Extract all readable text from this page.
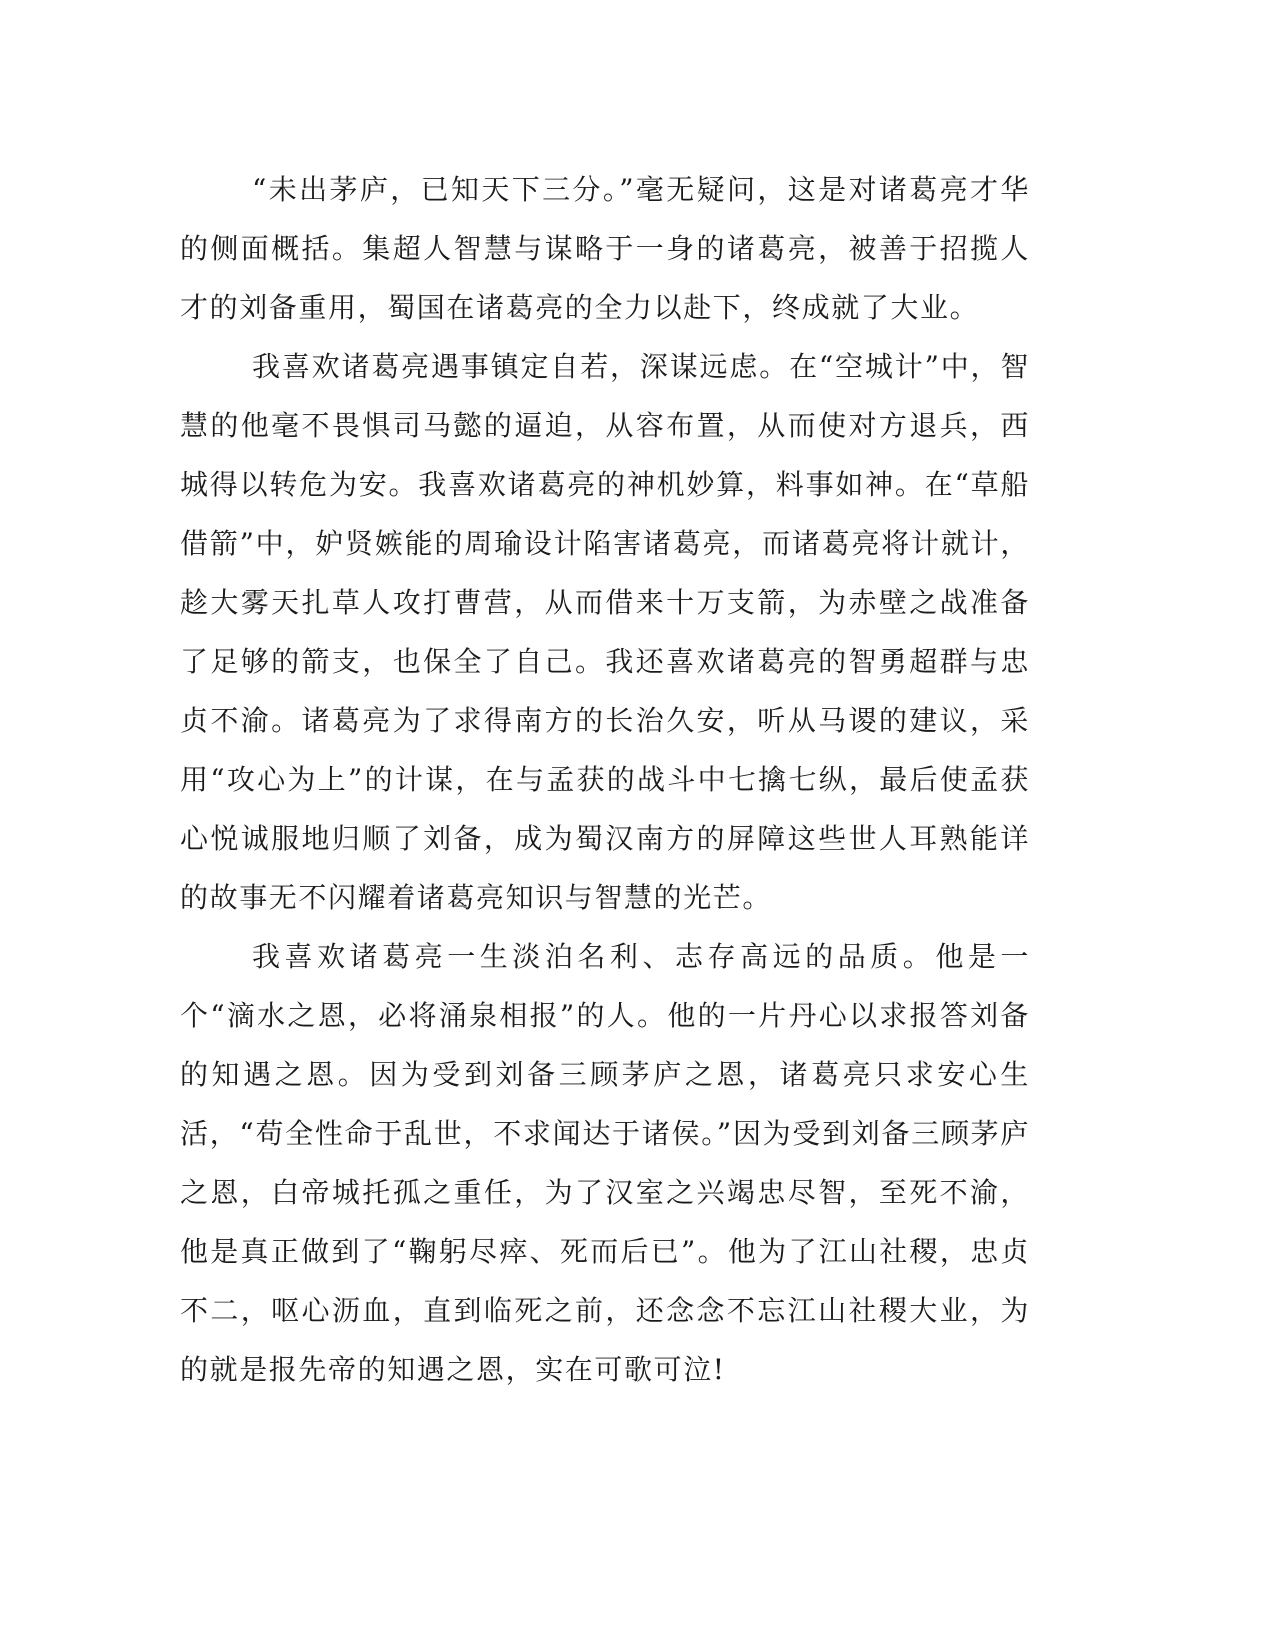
“未出茅庐，已知天下三分。”毫无疑问，这是对诸葛亮才华的侧面概括。集超人智慧与谋略于一身的诸葛亮，被善于招揽人才的刘备重用，蜀国在诸葛亮的全力以赴下，终成就了大业。

我喜欢诸葛亮遇事镇定自若，深谋远虑。在“空城计”中，智慧的他毫不畏惧司马懿的逼迫，从容布置，从而使对方退兵，西城得以转危为安。我喜欢诸葛亮的神机妙算，料事如神。在“草船借箭”中，妒贤嫉能的周瑜设计陷害诸葛亮，而诸葛亮将计就计，趁大雾天扎草人攻打曹营，从而借来十万支箭，为赤壁之战准备了足够的箭支，也保全了自己。我还喜欢诸葛亮的智勇超群与忠贞不渝。诸葛亮为了求得南方的长治久安，听从马谡的建议，采用“攻心为上”的计谋，在与孟获的战斗中七擒七纵，最后使孟获心悦诚服地归顺了刘备，成为蜀汉南方的屏障这些世人耳熟能详的故事无不闪耀着诸葛亮知识与智慧的光芒。

我喜欢诸葛亮一生淡泊名利、志存高远的品质。他是一个“滴水之恩，必将涌泉相报”的人。他的一片丹心以求报答刘备的知遇之恩。因为受到刘备三顾茅庐之恩，诸葛亮只求安心生活，“苟全性命于乱世，不求闻达于诸侯。”因为受到刘备三顾茅庐之恩，白帝城托孤之重任，为了汉室之兴竭忠尽智，至死不渝，他是真正做到了“鞠躬尽瘁、死而后已”。他为了江山社稷，忠贞不二，呕心沥血，直到临死之前，还念念不忘江山社稷大业，为的就是报先帝的知遇之恩，实在可歌可泣!
